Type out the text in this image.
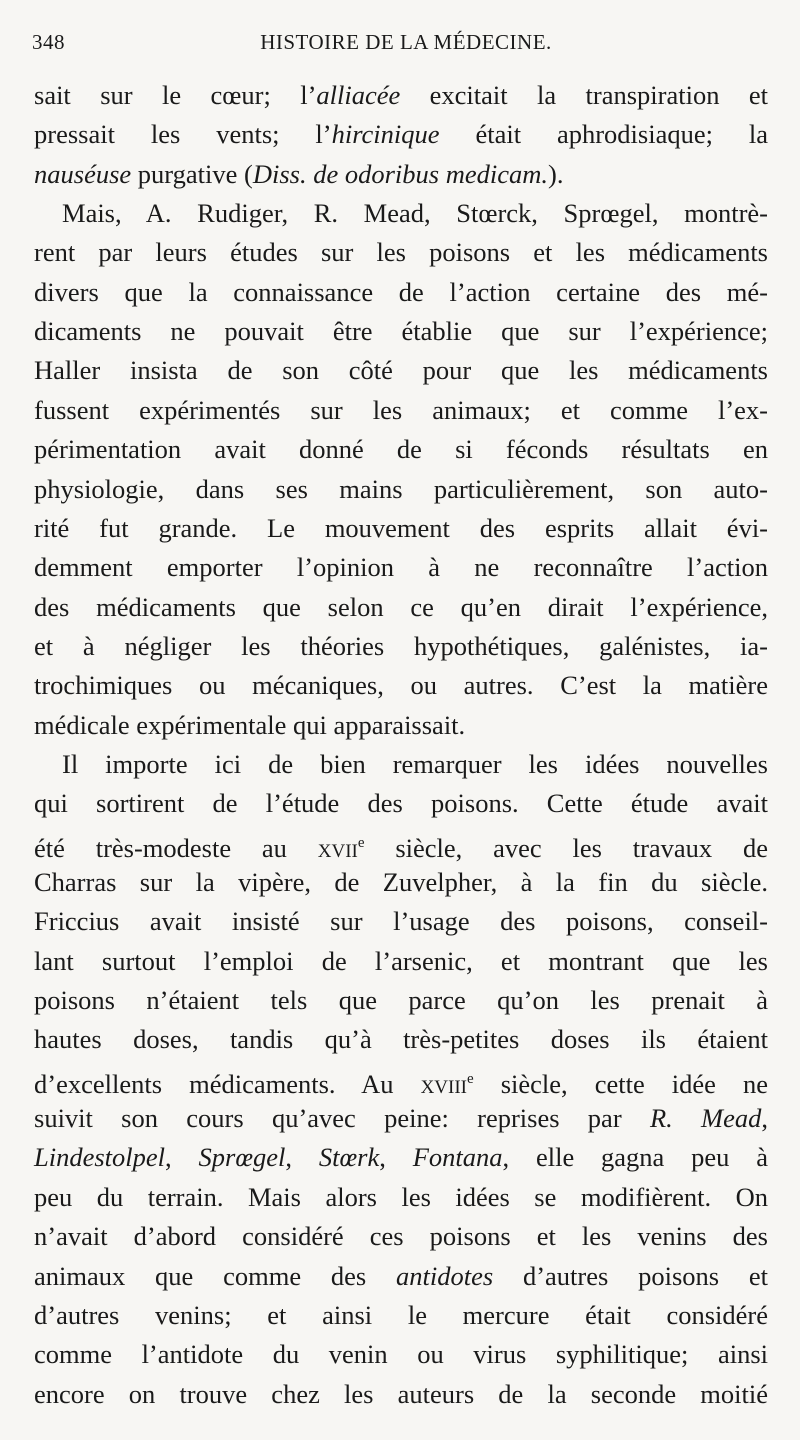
348	HISTOIRE DE LA MÉDECINE.
sait sur le cœur; l’alliacée excitait la transpiration et
pressait les vents; l’hircinique était aphrodisiaque; la
nauséuse purgative (Diss. de odoribus medicam.).
Mais, A. Rudiger, R. Mead, Stœrck, Sprœgel, montrè-
rent par leurs études sur les poisons et les médicaments
divers que la connaissance de l’action certaine des mé-
dicaments ne pouvait être établie que sur l’expérience;
Haller insista de son côté pour que les médicaments
fussent expérimentés sur les animaux; et comme l’ex-
périmentation avait donné de si féconds résultats en
physiologie, dans ses mains particulièrement, son auto-
rité fut grande. Le mouvement des esprits allait évi-
demment emporter l’opinion à ne reconnaître l’action
des médicaments que selon ce qu’en dirait l’expérience,
et à négliger les théories hypothétiques, galénistes, ia-
trochimiques ou mécaniques, ou autres. C’est la matière
médicale expérimentale qui apparaissait.
Il importe ici de bien remarquer les idées nouvelles
qui sortirent de l’étude des poisons. Cette étude avait
été très-modeste au xvii$^e$ siècle, avec les travaux de
Charras sur la vipère, de Zuvelpher, à la fin du siècle.
Friccius avait insisté sur l’usage des poisons, conseil-
lant surtout l’emploi de l’arsenic, et montrant que les
poisons n’étaient tels que parce qu’on les prenait à
hautes doses, tandis qu’à très-petites doses ils étaient
d’excellents médicaments. Au xviii$^e$ siècle, cette idée ne
suivit son cours qu’avec peine: reprises par R. Mead,
Lindestolpel, Sprœgel, Stœrk, Fontana, elle gagna peu à
peu du terrain. Mais alors les idées se modifièrent. On
n’avait d’abord considéré ces poisons et les venins des
animaux que comme des antidotes d’autres poisons et
d’autres venins; et ainsi le mercure était considéré
comme l’antidote du venin ou virus syphilitique; ainsi
encore on trouve chez les auteurs de la seconde moitié
